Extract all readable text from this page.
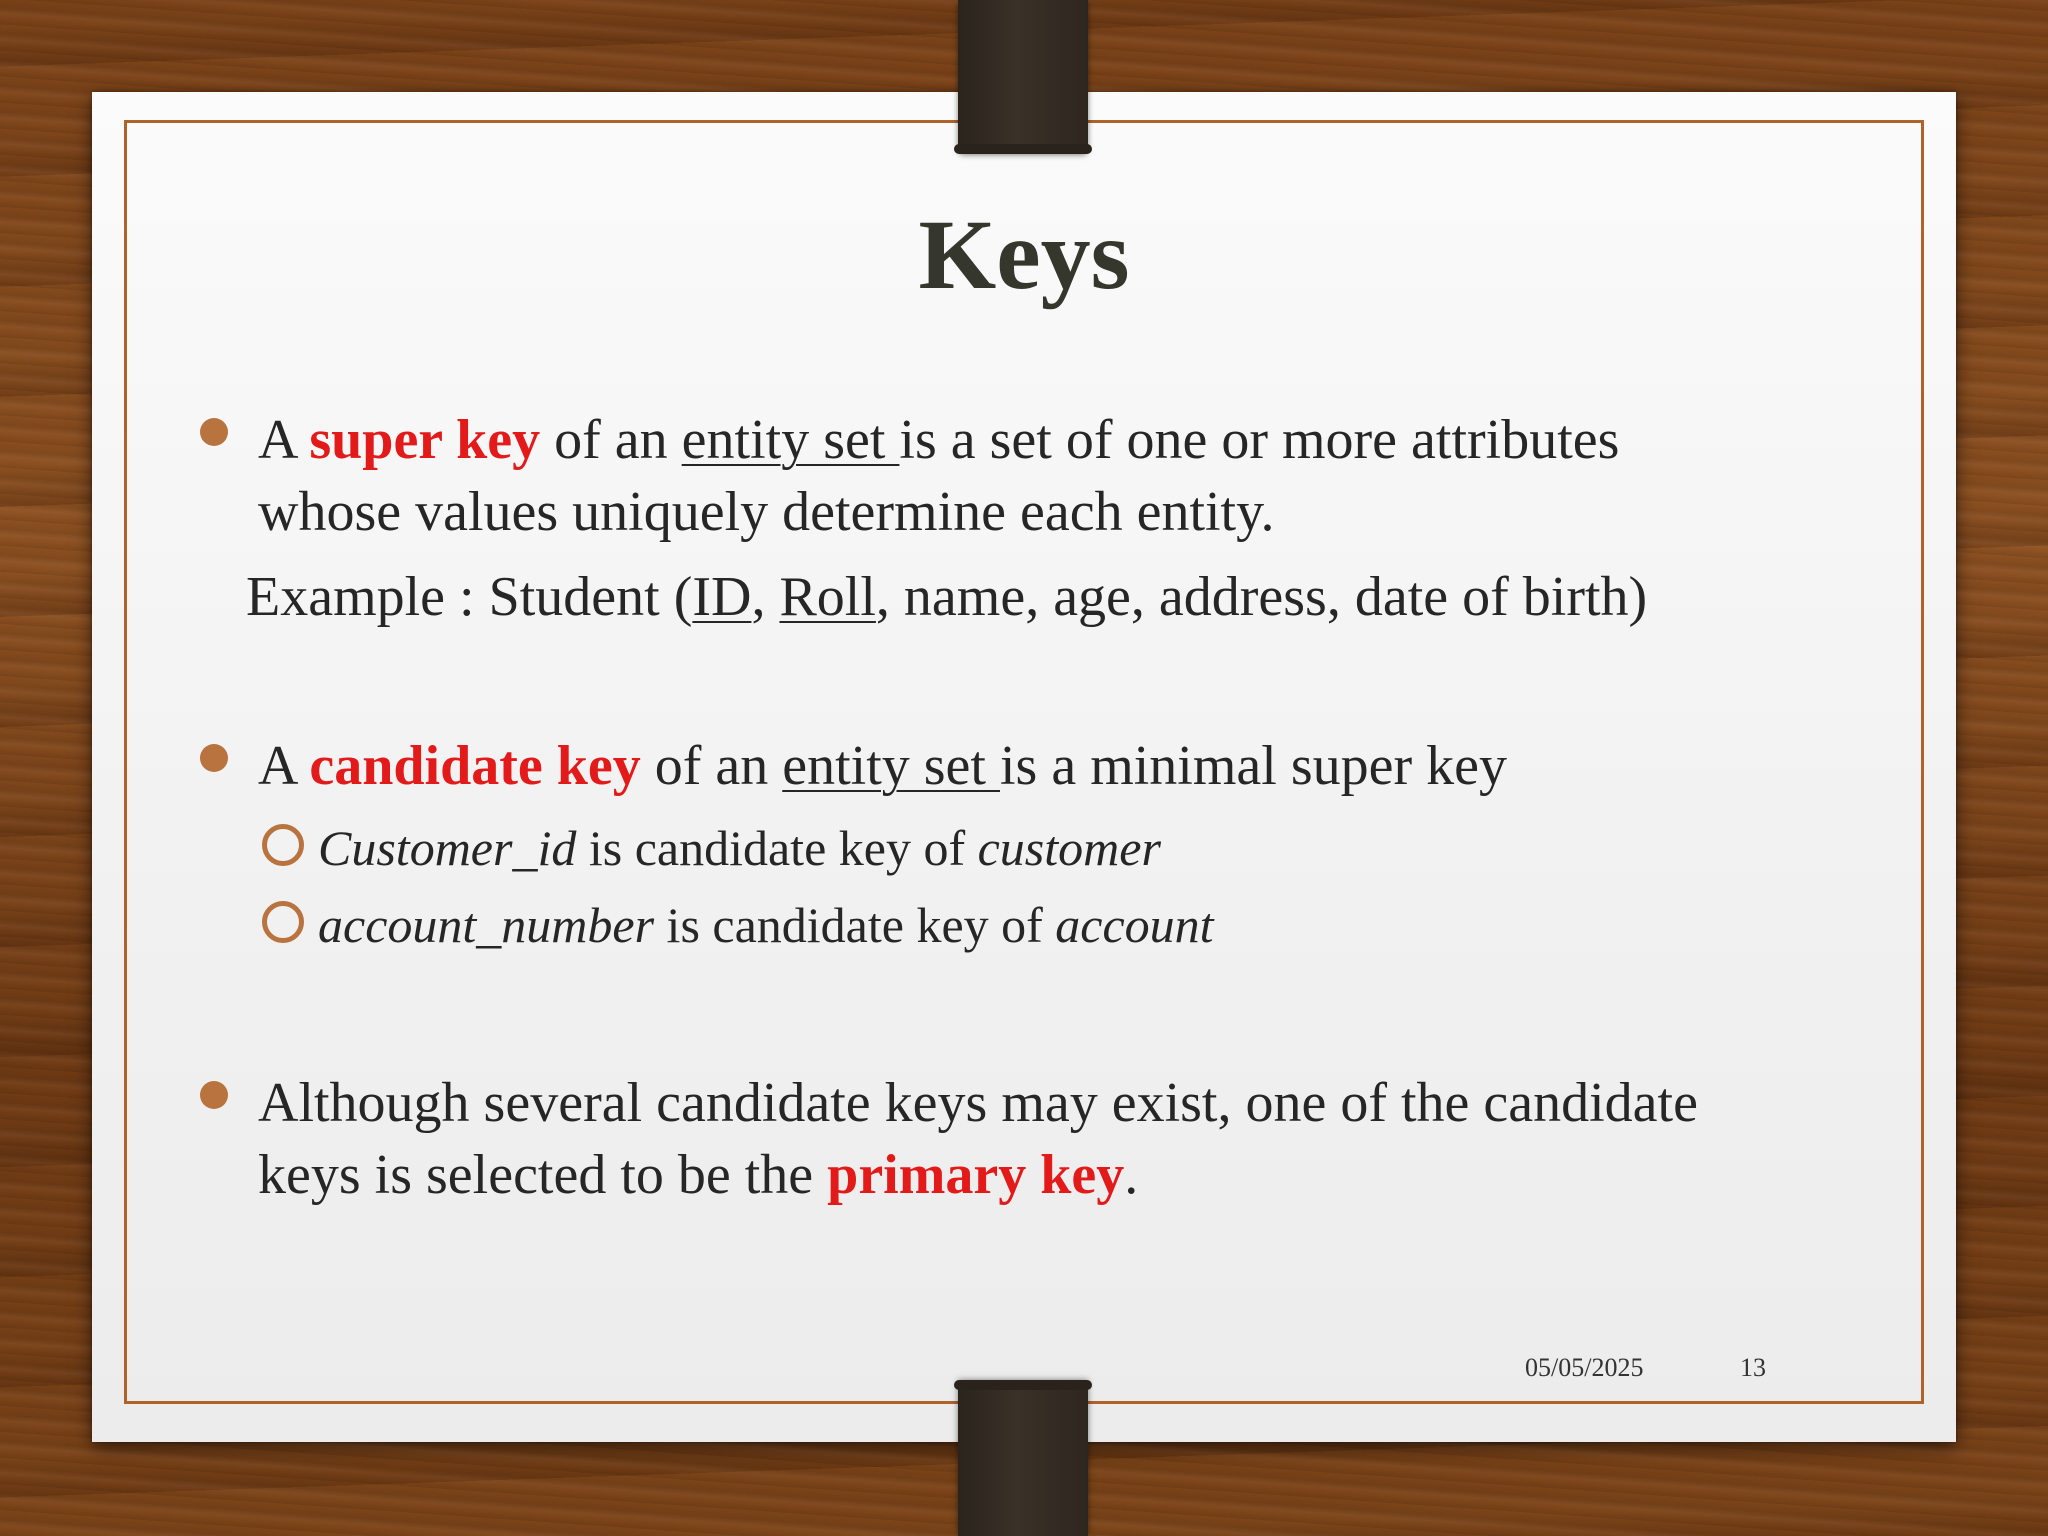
Keys
A super key of an entity set is a set of one or more attributes
whose values uniquely determine each entity.
Example : Student (ID, Roll, name, age, address, date of birth)
A candidate key of an entity set is a minimal super key
Customer_id is candidate key of customer
account_number is candidate key of account
Although several candidate keys may exist, one of the candidate
keys is selected to be the primary key.
05/05/2025	13
